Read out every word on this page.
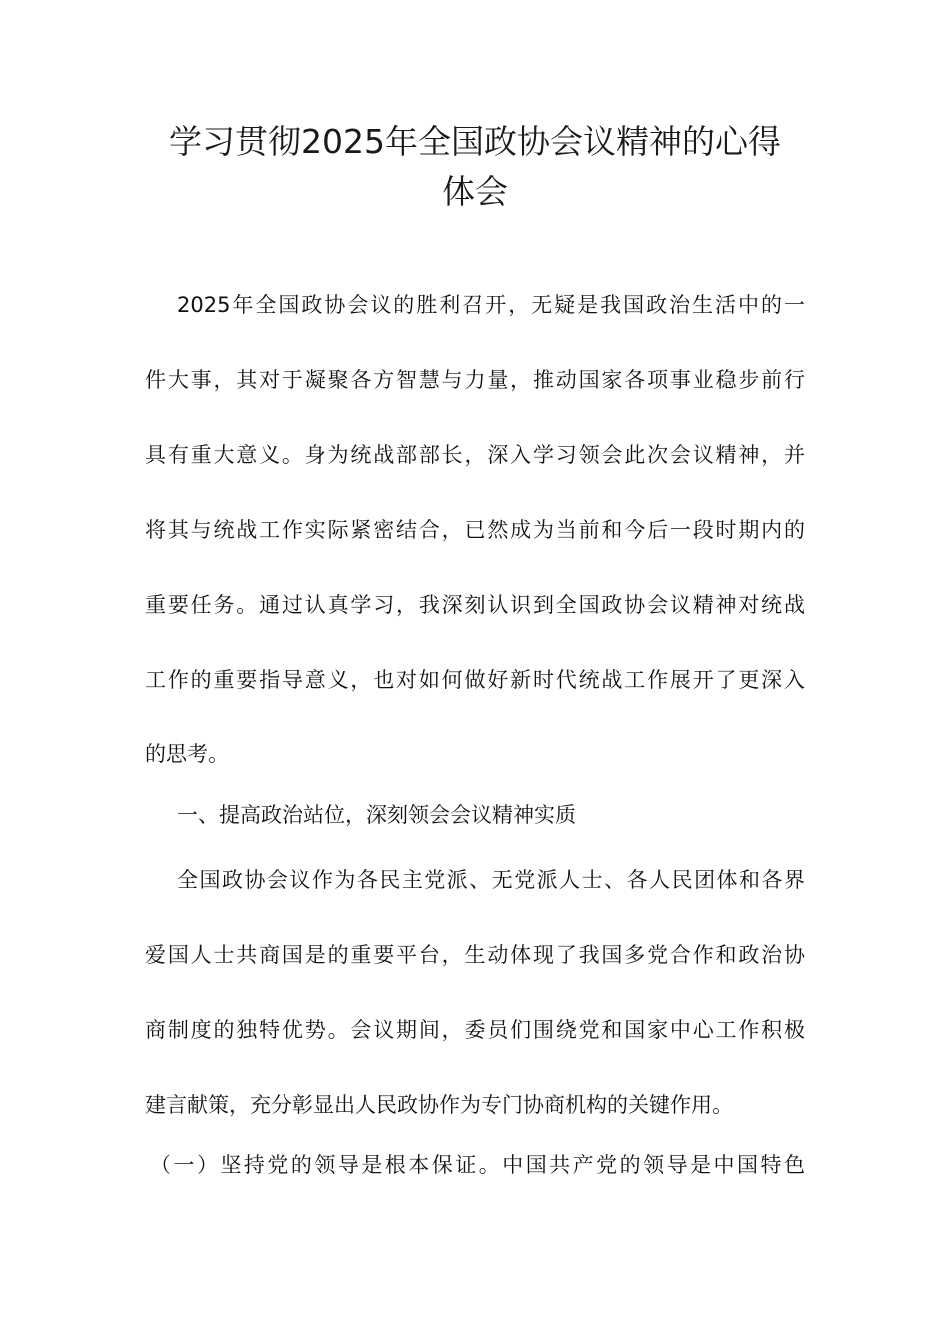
学习贯彻2025年全国政协会议精神的心得
体会
2025年全国政协会议的胜利召开，无疑是我国政治生活中的一
件大事，其对于凝聚各方智慧与力量，推动国家各项事业稳步前行
具有重大意义。身为统战部部长，深入学习领会此次会议精神，并
将其与统战工作实际紧密结合，已然成为当前和今后一段时期内的
重要任务。通过认真学习，我深刻认识到全国政协会议精神对统战
工作的重要指导意义，也对如何做好新时代统战工作展开了更深入
的思考。
一、提高政治站位，深刻领会会议精神实质
全国政协会议作为各民主党派、无党派人士、各人民团体和各界
爱国人士共商国是的重要平台，生动体现了我国多党合作和政治协
商制度的独特优势。会议期间，委员们围绕党和国家中心工作积极
建言献策，充分彰显出人民政协作为专门协商机构的关键作用。
（一）坚持党的领导是根本保证。中国共产党的领导是中国特色
